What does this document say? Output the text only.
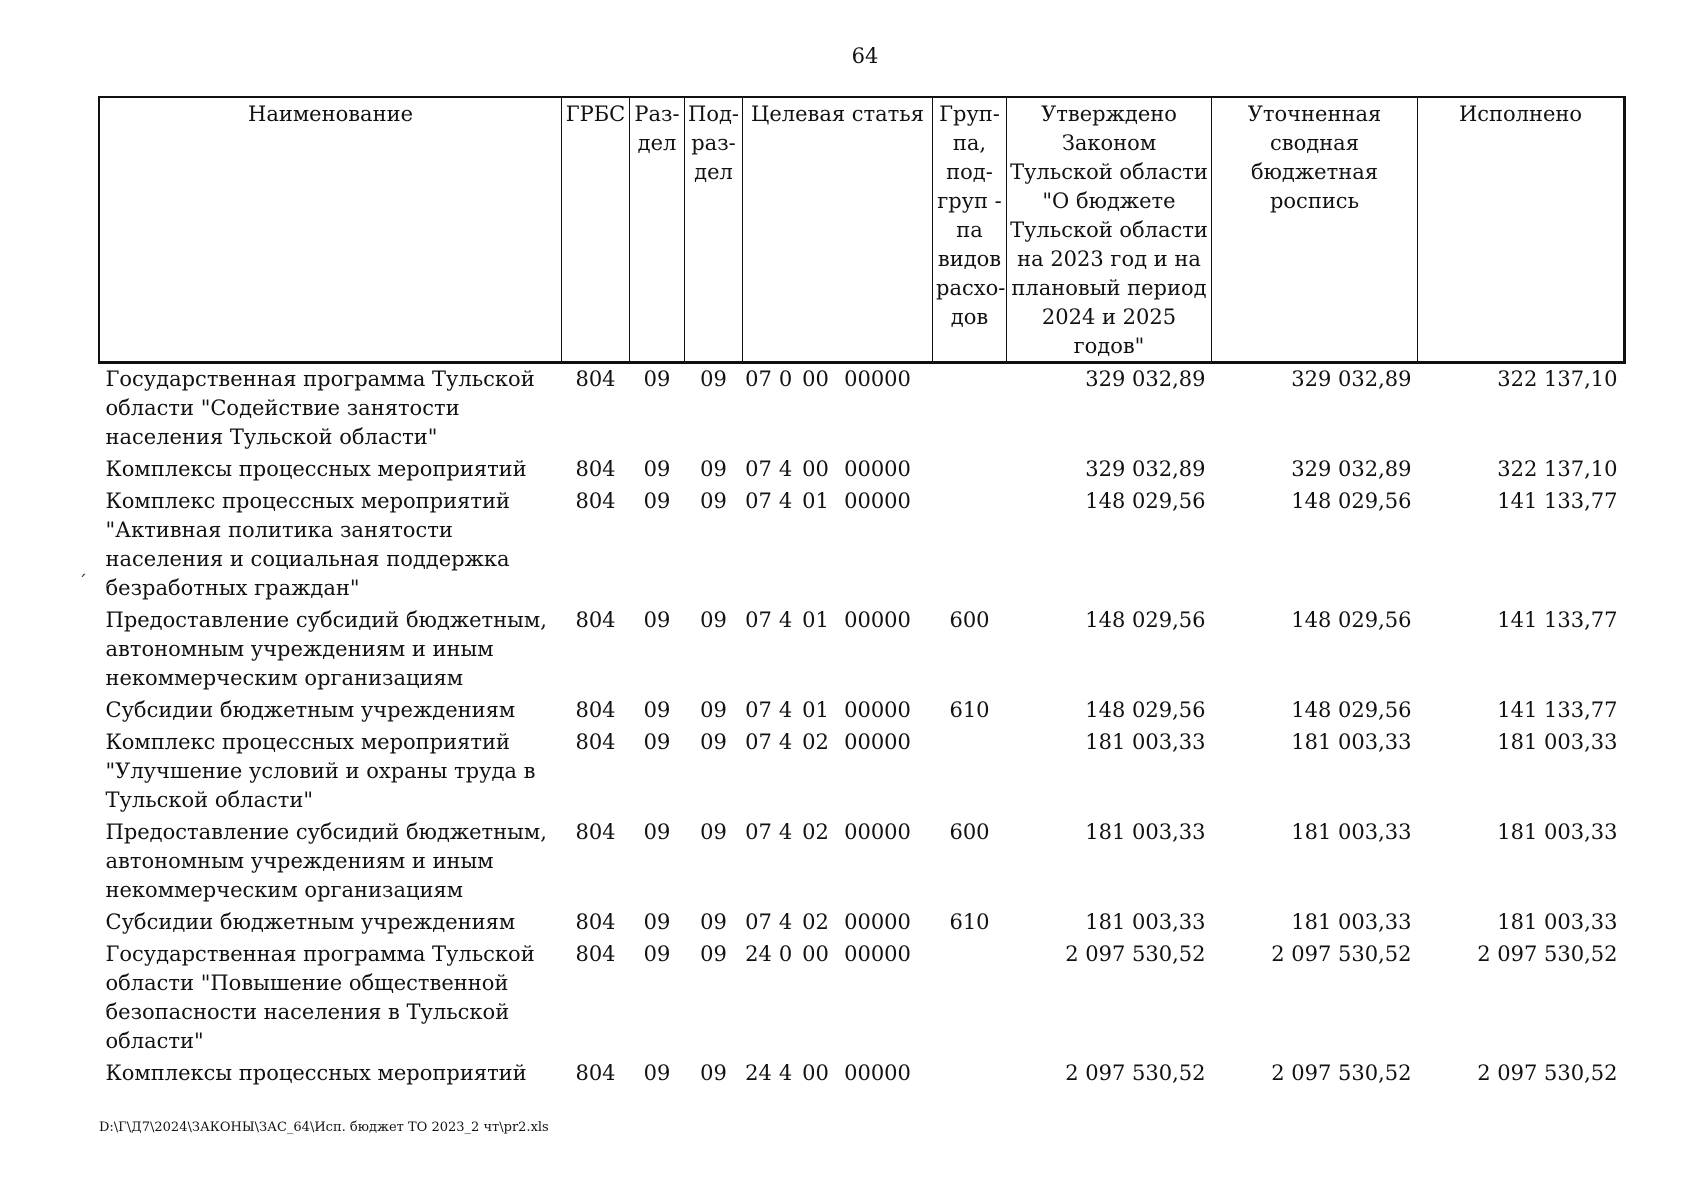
64
Наименование	ГРБС	Раз- дел	Под- раз- дел	Целевая статья	Груп- па, под- груп - па видов расхо- дов	Утверждено Законом Тульской области "О бюджете Тульской области на 2023 год и на плановый период 2024 и 2025 годов"	Уточненная сводная бюджетная роспись	Исполнено
Государственная программа Тульской области "Содействие занятости населения Тульской области"	804	09	09	07 0 00 00000		329 032,89	329 032,89	322 137,10
Комплексы процессных мероприятий	804	09	09	07 4 00 00000		329 032,89	329 032,89	322 137,10
Комплекс процессных мероприятий "Активная политика занятости населения и социальная поддержка безработных граждан"	804	09	09	07 4 01 00000		148 029,56	148 029,56	141 133,77
Предоставление субсидий бюджетным, автономным учреждениям и иным некоммерческим организациям	804	09	09	07 4 01 00000	600	148 029,56	148 029,56	141 133,77
Субсидии бюджетным учреждениям	804	09	09	07 4 01 00000	610	148 029,56	148 029,56	141 133,77
Комплекс процессных мероприятий "Улучшение условий и охраны труда в Тульской области"	804	09	09	07 4 02 00000		181 003,33	181 003,33	181 003,33
Предоставление субсидий бюджетным, автономным учреждениям и иным некоммерческим организациям	804	09	09	07 4 02 00000	600	181 003,33	181 003,33	181 003,33
Субсидии бюджетным учреждениям	804	09	09	07 4 02 00000	610	181 003,33	181 003,33	181 003,33
Государственная программа Тульской области "Повышение общественной безопасности населения в Тульской области"	804	09	09	24 0 00 00000		2 097 530,52	2 097 530,52	2 097 530,52
Комплексы процессных мероприятий	804	09	09	24 4 00 00000		2 097 530,52	2 097 530,52	2 097 530,52
ˊ
D:\Г\Д7\2024\ЗАКОНЫ\ЗАС_64\Исп. бюджет ТО 2023_2 чт\pr2.xls
